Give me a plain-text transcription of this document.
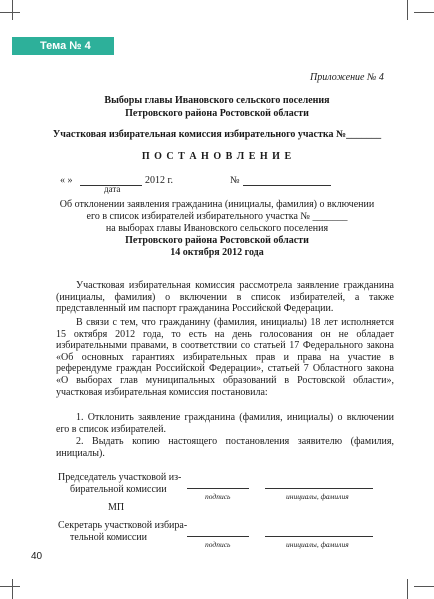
Тема № 4
Приложение № 4
Выборы главы Ивановского сельского поселения
Петровского района Ростовской области
Участковая избирательная комиссия избирательного участка №_______
П О С Т А Н О В Л Е Н И Е
« »	2012 г.
дата
№
Об отклонении заявления гражданина (инициалы, фамилия) о включении
его в список избирателей избирательного участка № _______
на выборах главы Ивановского сельского поселения
Петровского района Ростовской области
14 октября 2012 года
Участковая избирательная комиссия рассмотрела заявление гражданина (инициалы, фамилия) о включении в список избирателей, а также представленный им паспорт гражданина Российской Федерации.
В связи с тем, что гражданину (фамилия, инициалы) 18 лет исполняется 15 октября 2012 года, то есть на день голосования он не обладает избирательными правами, в соответствии со статьей 17 Федерального закона «Об основных гарантиях избирательных прав и права на участие в референдуме граждан Российской Федерации», статьей 7 Областного закона «О выборах глав муниципальных образований в Ростовской области», участковая избирательная комиссия постановила:
1. Отклонить заявление гражданина (фамилия, инициалы) о включении его в список избирателей.
2. Выдать копию настоящего постановления заявителю (фамилия, инициалы).
Председатель участковой из-
бирательной комиссии
подпись	инициалы, фамилия
МП
Секретарь участковой избира-
тельной комиссии
подпись	инициалы, фамилия
40
